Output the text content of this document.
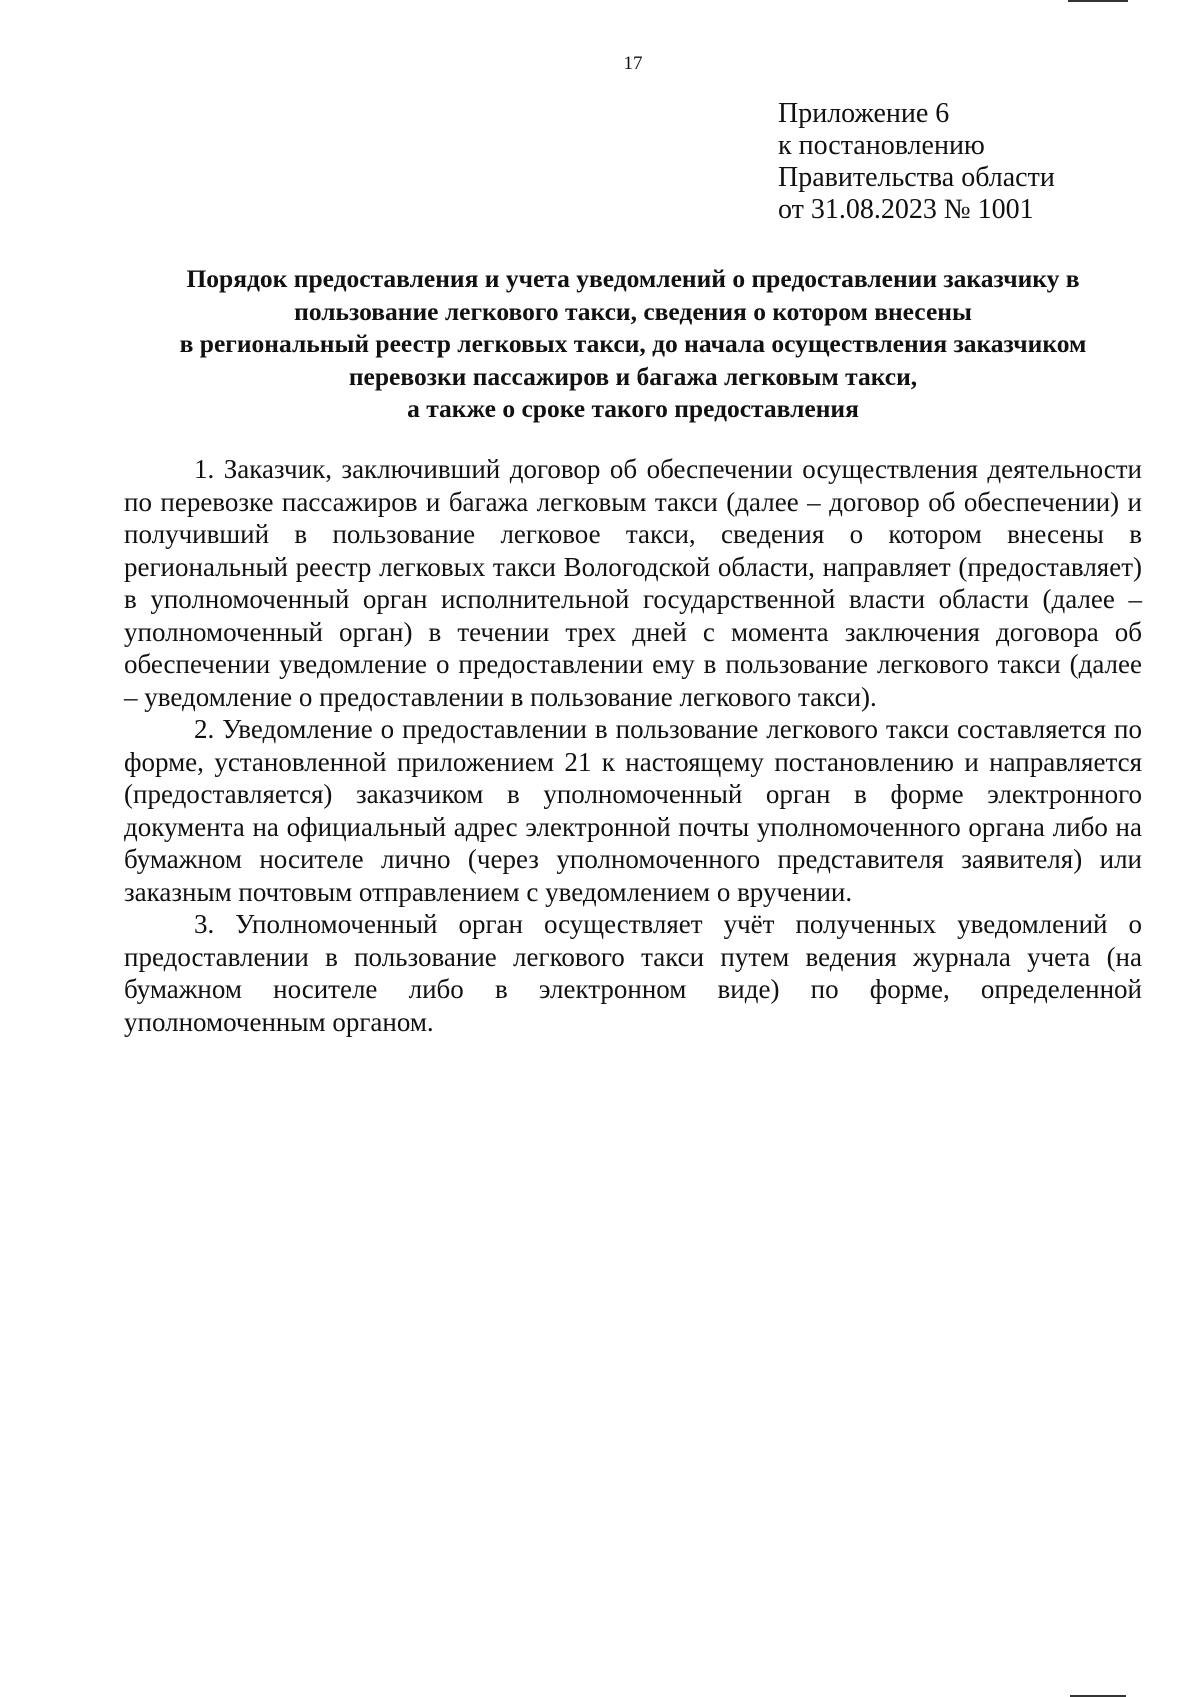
17
Приложение 6
к постановлению
Правительства области
от 31.08.2023 № 1001
Порядок предоставления и учета уведомлений о предоставлении заказчику в
пользование легкового такси, сведения о котором внесены
в региональный реестр легковых такси, до начала осуществления заказчиком
перевозки пассажиров и багажа легковым такси,
а также о сроке такого предоставления

1. Заказчик, заключивший договор об обеспечении осуществления деятельности по перевозке пассажиров и багажа легковым такси (далее – договор об обеспечении) и получивший в пользование легковое такси, сведения о котором внесены в региональный реестр легковых такси Вологодской области, направляет (предоставляет) в уполномоченный орган исполнительной государственной власти области (далее – уполномоченный орган) в течении трех дней с момента заключения договора об обеспечении уведомление о предоставлении ему в пользование легкового такси (далее – уведомление о предоставлении в пользование легкового такси).

2. Уведомление о предоставлении в пользование легкового такси составляется по форме, установленной приложением 21 к настоящему постановлению и направляется (предоставляется) заказчиком в уполномоченный орган в форме электронного документа на официальный адрес электронной почты уполномоченного органа либо на бумажном носителе лично (через уполномоченного представителя заявителя) или заказным почтовым отправлением с уведомлением о вручении.

3. Уполномоченный орган осуществляет учёт полученных уведомлений о предоставлении в пользование легкового такси путем ведения журнала учета (на бумажном носителе либо в электронном виде) по форме, определенной уполномоченным органом.
